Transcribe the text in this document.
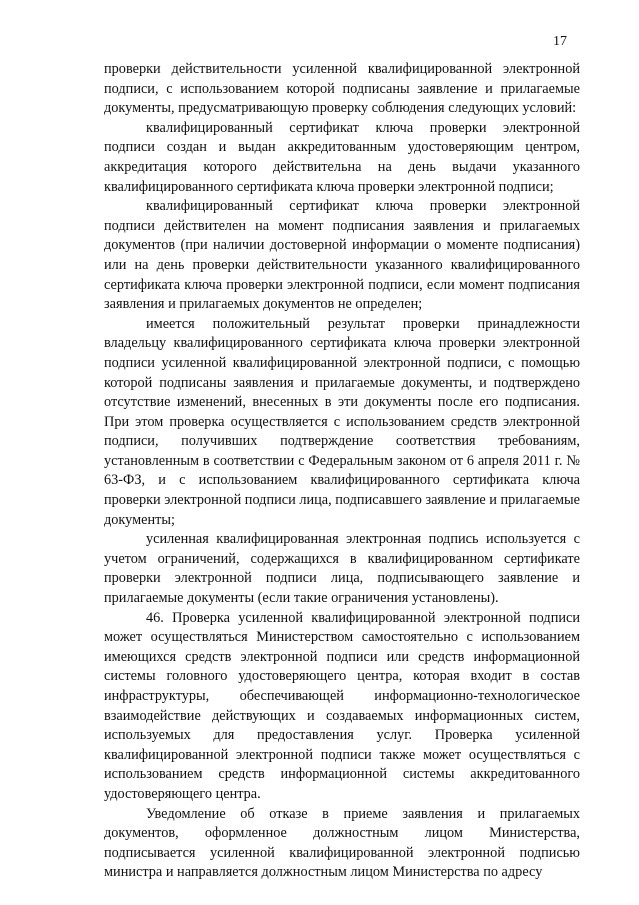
17

проверки действительности усиленной квалифицированной электронной подписи, с использованием которой подписаны заявление и прилагаемые документы, предусматривающую проверку соблюдения следующих условий:

квалифицированный сертификат ключа проверки электронной подписи создан и выдан аккредитованным удостоверяющим центром, аккредитация которого действительна на день выдачи указанного квалифицированного сертификата ключа проверки электронной подписи;

квалифицированный сертификат ключа проверки электронной подписи действителен на момент подписания заявления и прилагаемых документов (при наличии достоверной информации о моменте подписания) или на день проверки действительности указанного квалифицированного сертификата ключа проверки электронной подписи, если момент подписания заявления и прилагаемых документов не определен;

имеется положительный результат проверки принадлежности владельцу квалифицированного сертификата ключа проверки электронной подписи усиленной квалифицированной электронной подписи, с помощью которой подписаны заявления и прилагаемые документы, и подтверждено отсутствие изменений, внесенных в эти документы после его подписания. При этом проверка осуществляется с использованием средств электронной подписи, получивших подтверждение соответствия требованиям, установленным в соответствии с Федеральным законом от 6 апреля 2011 г. № 63-ФЗ, и с использованием квалифицированного сертификата ключа проверки электронной подписи лица, подписавшего заявление и прилагаемые документы;

усиленная квалифицированная электронная подпись используется с учетом ограничений, содержащихся в квалифицированном сертификате проверки электронной подписи лица, подписывающего заявление и прилагаемые документы (если такие ограничения установлены).

46. Проверка усиленной квалифицированной электронной подписи может осуществляться Министерством самостоятельно с использованием имеющихся средств электронной подписи или средств информационной системы головного удостоверяющего центра, которая входит в состав инфраструктуры, обеспечивающей информационно-технологическое взаимодействие действующих и создаваемых информационных систем, используемых для предоставления услуг. Проверка усиленной квалифицированной электронной подписи также может осуществляться с использованием средств информационной системы аккредитованного удостоверяющего центра.

Уведомление об отказе в приеме заявления и прилагаемых документов, оформленное должностным лицом Министерства, подписывается усиленной квалифицированной электронной подписью министра и направляется должностным лицом Министерства по адресу
